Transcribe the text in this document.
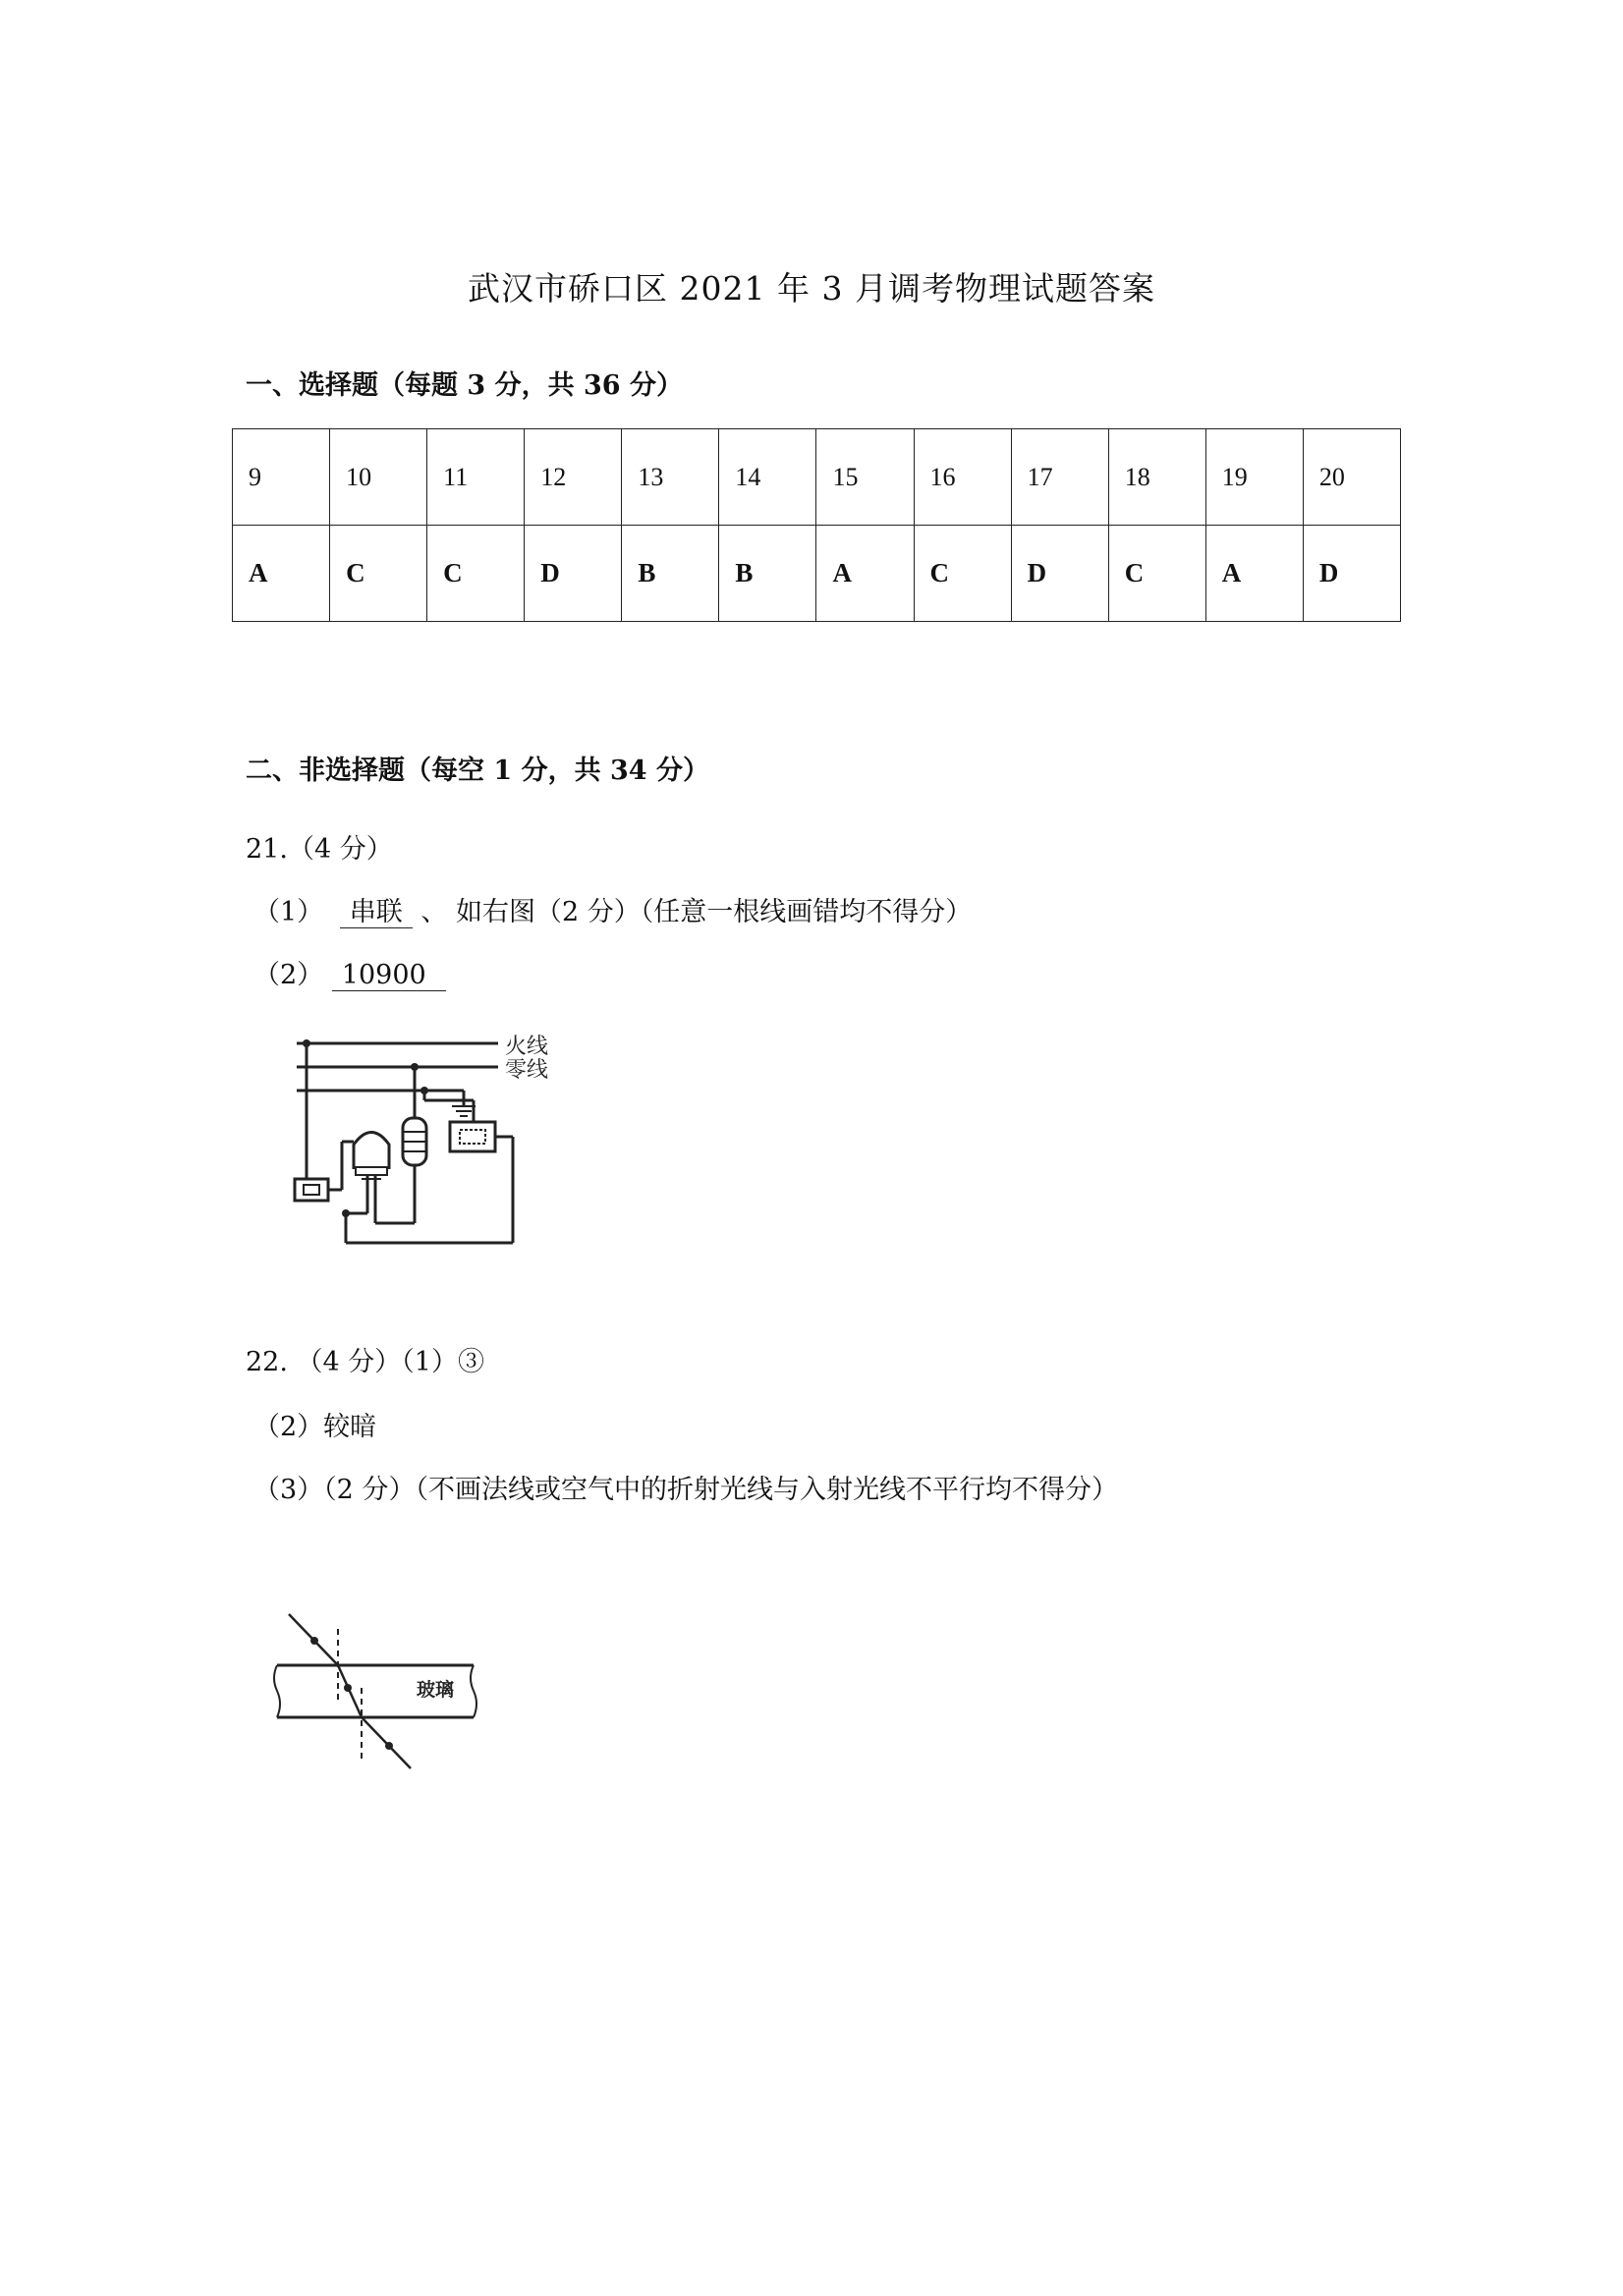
武汉市硚口区 2021 年 3 月调考物理试题答案
一、选择题（每题 3 分，共 36 分）
9	10	11	12	13	14	15	16	17	18	19	20
A	C	C	D	B	B	A	C	D	C	A	D
二、非选择题（每空 1 分，共 34 分）
21.（4 分）
（1） 串联 、 如右图（2 分）（任意一根线画错均不得分）
（2） 10900
火线
零线
22. （4 分）（1）③
（2）较暗
（3）（2 分）（不画法线或空气中的折射光线与入射光线不平行均不得分）
玻璃
